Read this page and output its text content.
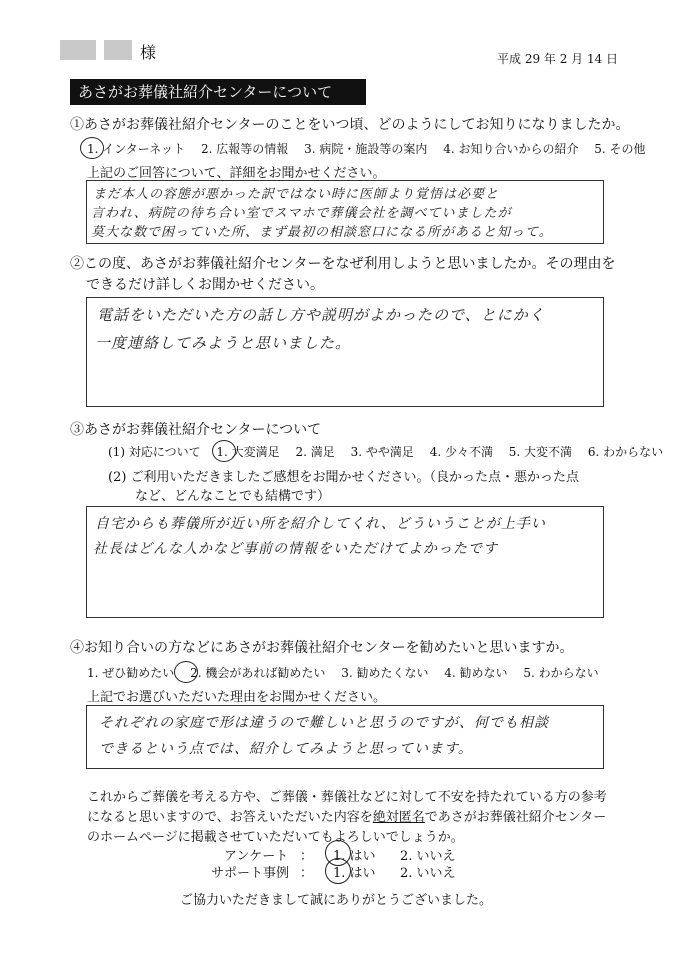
様	平成 29 年 2 月 14 日
あさがお葬儀社紹介センターについて
①あさがお葬儀社紹介センターのことをいつ頃、どのようにしてお知りになりましたか。
1. インターネット　 2. 広報等の情報　 3. 病院・施設等の案内　 4. お知り合いからの紹介　 5. その他
上記のご回答について、詳細をお聞かせください。
まだ本人の容態が悪かった訳ではない時に医師より覚悟は必要と
言われ、病院の待ち合い室でスマホで葬儀会社を調べていましたが
莫大な数で困っていた所、まず最初の相談窓口になる所があると知って。
②この度、あさがお葬儀社紹介センターをなぜ利用しようと思いましたか。その理由を
できるだけ詳しくお聞かせください。
電話をいただいた方の話し方や説明がよかったので、とにかく
一度連絡してみようと思いました。
③あさがお葬儀社紹介センターについて
(1) 対応について　 1. 大変満足　 2. 満足　 3. やや満足　 4. 少々不満　 5. 大変不満　 6. わからない
(2) ご利用いただきましたご感想をお聞かせください。（良かった点・悪かった点
など、どんなことでも結構です）
自宅からも葬儀所が近い所を紹介してくれ、どういうことが上手い
社長はどんな人かなど事前の情報をいただけてよかったです
④お知り合いの方などにあさがお葬儀社紹介センターを勧めたいと思いますか。
1. ぜひ勧めたい　 2. 機会があれば勧めたい　 3. 勧めたくない　 4. 勧めない　 5. わからない
上記でお選びいただいた理由をお聞かせください。
それぞれの家庭で形は違うので難しいと思うのですが、何でも相談
できるという点では、紹介してみようと思っています。
これからご葬儀を考える方や、ご葬儀・葬儀社などに対して不安を持たれている方の参考
になると思いますので、お答えいただいた内容を絶対匿名であさがお葬儀社紹介センター
のホームページに掲載させていただいてもよろしいでしょうか。
アンケート ： 1. はい 2. いいえ
サポート事例 ： 1. はい 2. いいえ
ご協力いただきまして誠にありがとうございました。
